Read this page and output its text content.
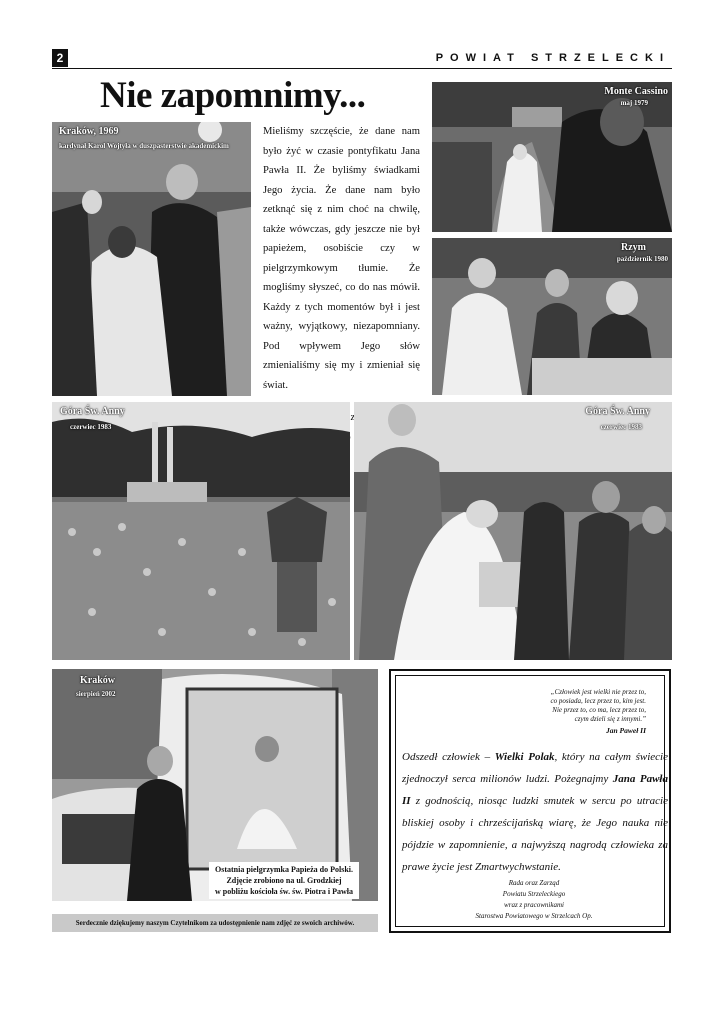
2	POWIAT STRZELECKI
Nie zapomnimy...
Kraków, 1969
kardynał Karol Wojtyła w duszpasterstwie akademickim

Mieliśmy szczęście, że dane nam było żyć w czasie pontyfikatu Jana Pawła II. Że byliśmy świadkami Jego życia. Że dane nam było zetknąć się z nim choć na chwilę, także wówczas, gdy jeszcze nie był papieżem, osobiście czy w pielgrzymkowym tłumie. Że mogliśmy słyszeć, co do nas mówił. Każdy z tych momentów był i jest ważny, wyjątkowy, niezapomniany. Pod wpływem Jego słów zmienialiśmy się my i zmieniał się świat.

Monte Cassino
maj 1979
Rzym
październik 1980
Góra Św. Anny
czerwiec 1983
Góra Św. Anny
czerwiec 1983
Kraków
sierpień 2002
Ostatnia pielgrzymka Papieża do Polski.
Zdjęcie zrobiono na ul. Grodzkiej
w pobliżu kościoła św. św. Piotra i Pawła
Serdecznie dziękujemy naszym Czytelnikom za udostępnienie nam zdjęć ze swoich archiwów.
„Człowiek jest wielki nie przez to,
co posiada, lecz przez to, kim jest.
Nie przez to, co ma, lecz przez to,
czym dzieli się z innymi.”
Jan Paweł II
Odszedł człowiek – Wielki Polak, który na całym świecie zjednoczył serca milionów ludzi. Pożegnajmy Jana Pawła II z godnością, niosąc ludzki smutek w sercu po utracie bliskiej osoby i chrześcijańską wiarę, że Jego nauka nie pójdzie w zapomnienie, a najwyższą nagrodą człowieka za prawe życie jest Zmartwychwstanie.
Rada oraz Zarząd
Powiatu Strzeleckiego
wraz z pracownikami
Starostwa Powiatowego w Strzelcach Op.
